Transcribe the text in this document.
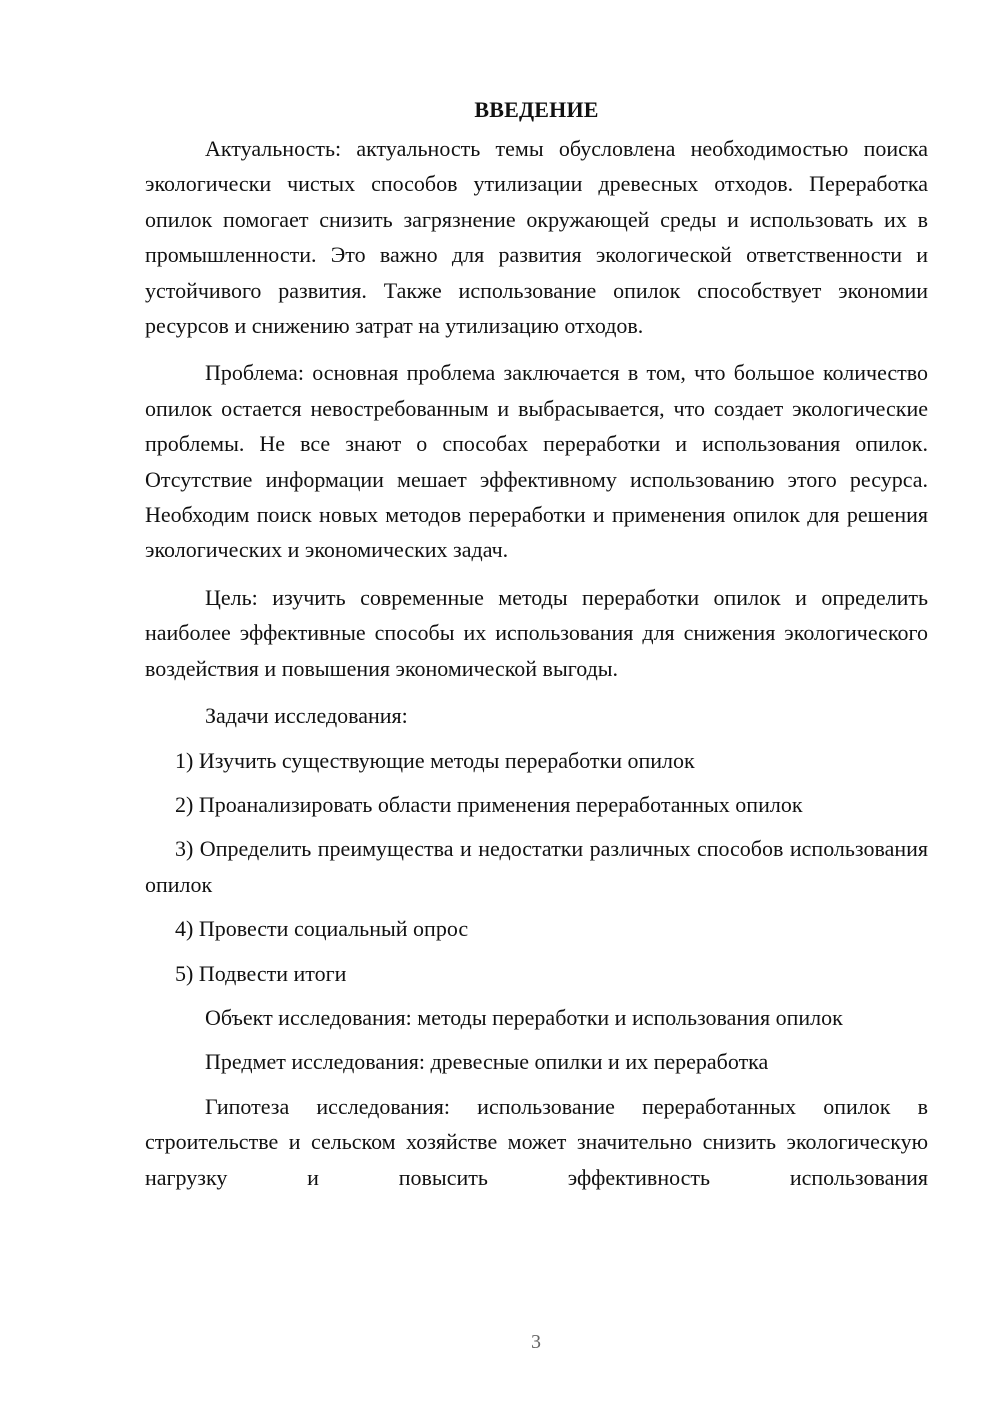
ВВЕДЕНИЕ

Актуальность: актуальность темы обусловлена необходимостью поиска экологически чистых способов утилизации древесных отходов. Переработка опилок помогает снизить загрязнение окружающей среды и использовать их в промышленности. Это важно для развития экологической ответственности и устойчивого развития. Также использование опилок способствует экономии ресурсов и снижению затрат на утилизацию отходов.

Проблема: основная проблема заключается в том, что большое количество опилок остается невостребованным и выбрасывается, что создает экологические проблемы. Не все знают о способах переработки и использования опилок. Отсутствие информации мешает эффективному использованию этого ресурса. Необходим поиск новых методов переработки и применения опилок для решения экологических и экономических задач.

Цель: изучить современные методы переработки опилок и определить наиболее эффективные способы их использования для снижения экологического воздействия и повышения экономической выгоды.

Задачи исследования:

1) Изучить существующие методы переработки опилок

2) Проанализировать области применения переработанных опилок

3) Определить преимущества и недостатки различных способов использования опилок

4) Провести социальный опрос

5) Подвести итоги

Объект исследования: методы переработки и использования опилок

Предмет исследования: древесные опилки и их переработка

Гипотеза исследования: использование переработанных опилок в строительстве и сельском хозяйстве может значительно снизить экологическую нагрузку и повысить эффективность использования

3
